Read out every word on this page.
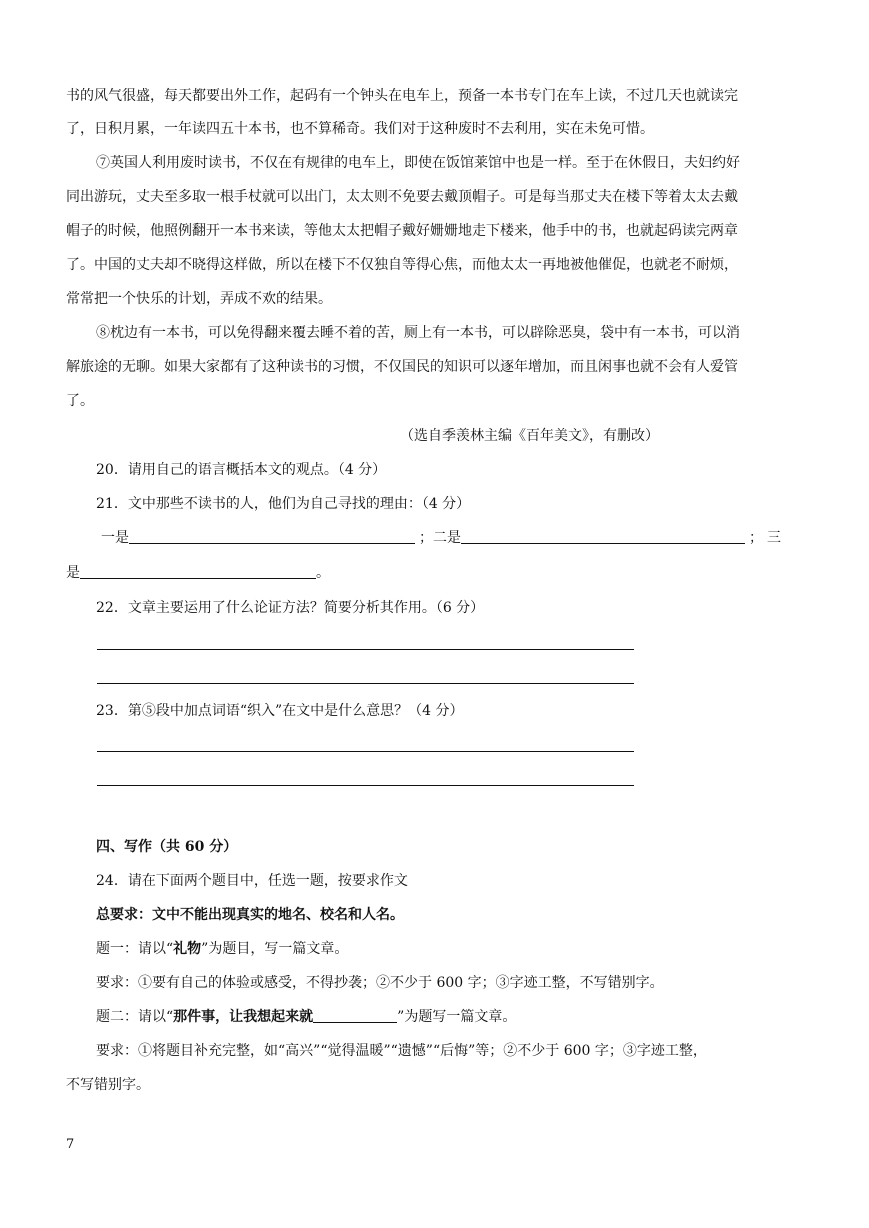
书的风气很盛，每天都要出外工作，起码有一个钟头在电车上，预备一本书专门在车上读，不过几天也就读完
了，日积月累，一年读四五十本书，也不算稀奇。我们对于这种废时不去利用，实在未免可惜。
⑦英国人利用废时读书，不仅在有规律的电车上，即使在饭馆莱馆中也是一样。至于在休假日，夫妇约好
同出游玩，丈夫至多取一根手杖就可以出门，太太则不免要去戴顶帽子。可是每当那丈夫在楼下等着太太去戴
帽子的时候，他照例翻开一本书来读，等他太太把帽子戴好姗姗地走下楼来，他手中的书，也就起码读完两章
了。中国的丈夫却不晓得这样做，所以在楼下不仅独自等得心焦，而他太太一再地被他催促，也就老不耐烦，
常常把一个快乐的计划，弄成不欢的结果。
⑧枕边有一本书，可以免得翻来覆去睡不着的苦，厕上有一本书，可以辟除恶臭，袋中有一本书，可以消
解旅途的无聊。如果大家都有了这种读书的习惯，不仅国民的知识可以逐年增加，而且闲事也就不会有人爱管
了。
（选自季羡林主编《百年美文》，有删改）
20．请用自己的语言概括本文的观点。（4 分）
21．文中那些不读书的人，他们为自己寻找的理由：（4 分）
一是	；二是	； 三
是	。
22．文章主要运用了什么论证方法？简要分析其作用。（6 分）
23．第⑤段中加点词语“织入”在文中是什么意思？（4 分）
四、写作（共 60 分）
24．请在下面两个题目中，任选一题，按要求作文
总要求：文中不能出现真实的地名、校名和人名。
题一：请以“礼物”为题目，写一篇文章。
要求：①要有自己的体验或感受，不得抄袭；②不少于 600 字；③字迹工整，不写错别字。
题二：请以“那件事，让我想起来就	”为题写一篇文章。
要求：①将题目补充完整，如“高兴”“觉得温暖”“遗憾”“后悔”等；②不少于 600 字；③字迹工整，
不写错别字。
7
